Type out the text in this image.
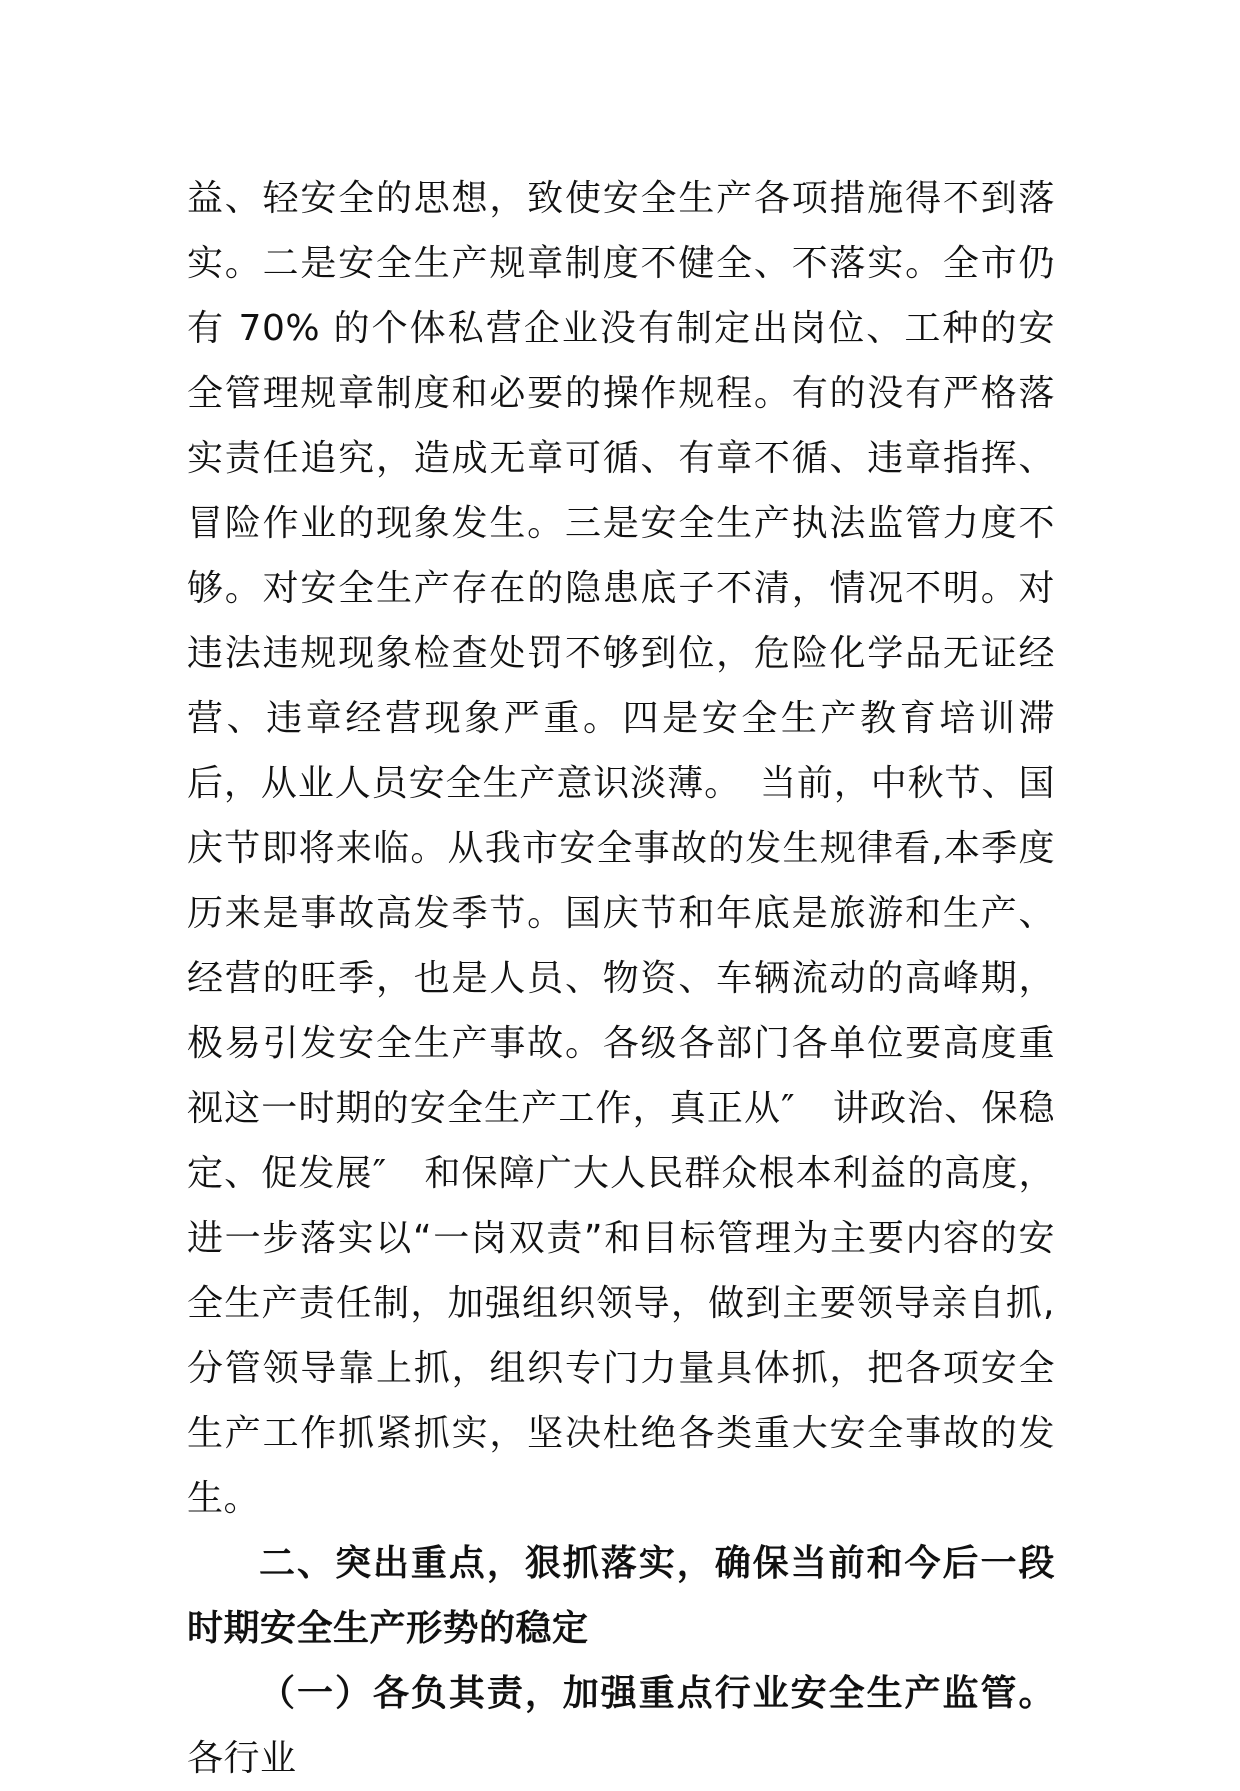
益、轻安全的思想，致使安全生产各项措施得不到落实。二是安全生产规章制度不健全、不落实。全市仍有 70% 的个体私营企业没有制定出岗位、工种的安全管理规章制度和必要的操作规程。有的没有严格落实责任追究，造成无章可循、有章不循、违章指挥、冒险作业的现象发生。三是安全生产执法监管力度不够。对安全生产存在的隐患底子不清，情况不明。对违法违规现象检查处罚不够到位，危险化学品无证经营、违章经营现象严重。四是安全生产教育培训滞后，从业人员安全生产意识淡薄。　当前，中秋节、国庆节即将来临。从我市安全事故的发生规律看,本季度历来是事故高发季节。国庆节和年底是旅游和生产、经营的旺季，也是人员、物资、车辆流动的高峰期，极易引发安全生产事故。各级各部门各单位要高度重视这一时期的安全生产工作，真正从″　讲政治、保稳定、促发展″　和保障广大人民群众根本利益的高度，进一步落实以“一岗双责”和目标管理为主要内容的安全生产责任制，加强组织领导，做到主要领导亲自抓,分管领导靠上抓，组织专门力量具体抓，把各项安全生产工作抓紧抓实，坚决杜绝各类重大安全事故的发生。

二、突出重点，狠抓落实，确保当前和今后一段时期安全生产形势的稳定

（一）各负其责，加强重点行业安全生产监管。各行业
